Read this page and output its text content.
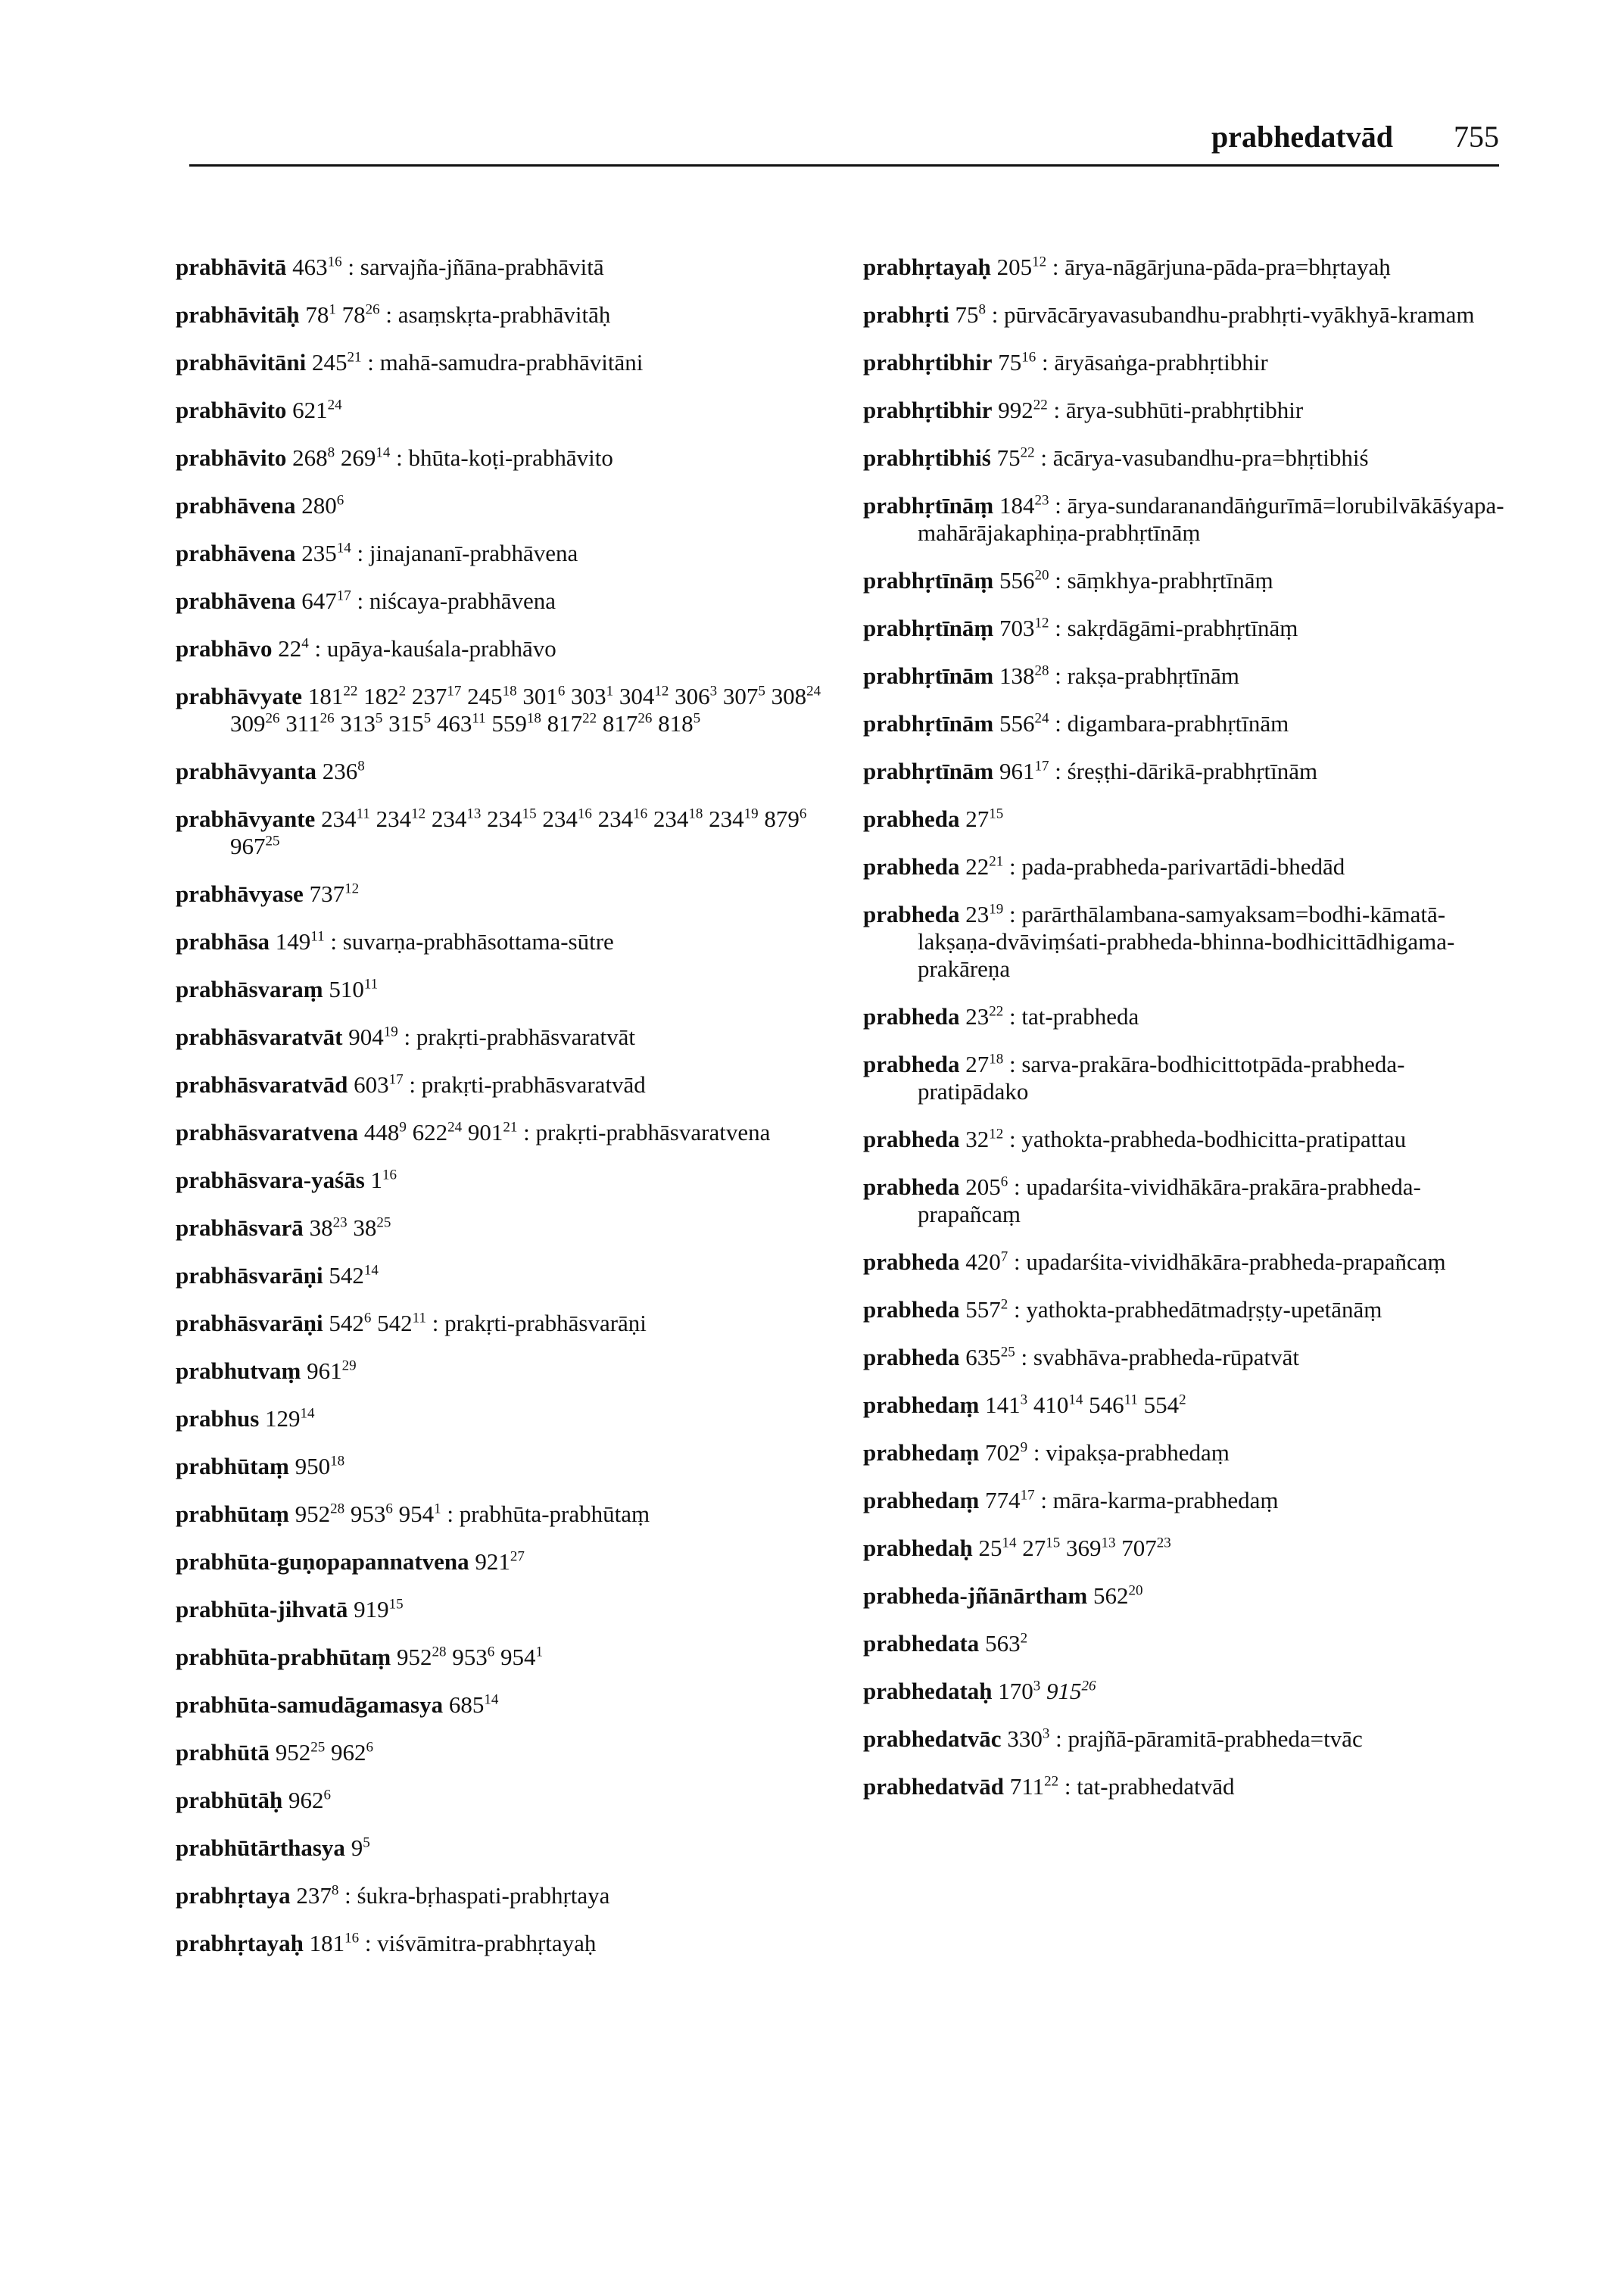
prabhedatvād 755
prabhāvitā $463^{16}$ : sarvajña-jñāna-prabhāvitā
prabhāvitāḥ $78^1$ $78^{26}$ : asaṃskṛta-prabhāvitāḥ
prabhāvitāni $245^{21}$ : mahā-samudra-prabhāvitāni
prabhāvito $621^{24}$
prabhāvito $268^8$ $269^{14}$ : bhūta-koṭi-prabhāvito
prabhāvena $280^6$
prabhāvena $235^{14}$ : jinajananī-prabhāvena
prabhāvena $647^{17}$ : niścaya-prabhāvena
prabhāvo $22^4$ : upāya-kauśala-prabhāvo
prabhāvyate $181^{22}$ $182^2$ $237^{17}$ $245^{18}$ $301^6$ $303^1$ $304^{12}$ $306^3$ $307^5$ $308^{24}$ $309^{26}$ $311^{26}$ $313^5$ $315^5$ $463^{11}$ $559^{18}$ $817^{22}$ $817^{26}$ $818^5$
prabhāvyanta $236^8$
prabhāvyante $234^{11}$ $234^{12}$ $234^{13}$ $234^{15}$ $234^{16}$ $234^{16}$ $234^{18}$ $234^{19}$ $879^6$ $967^{25}$
prabhāvyase $737^{12}$
prabhāsa $149^{11}$ : suvarṇa-prabhāsottama-sūtre
prabhāsvaraṃ $510^{11}$
prabhāsvaratvāt $904^{19}$ : prakṛti-prabhāsvaratvāt
prabhāsvaratvād $603^{17}$ : prakṛti-prabhāsvaratvād
prabhāsvaratvena $448^9$ $622^{24}$ $901^{21}$ : prakṛti-prabhāsvaratvena
prabhāsvara-yaśās $1^{16}$
prabhāsvarā $38^{23}$ $38^{25}$
prabhāsvarāṇi $542^{14}$
prabhāsvarāṇi $542^6$ $542^{11}$ : prakṛti-prabhāsvarāṇi
prabhutvaṃ $961^{29}$
prabhus $129^{14}$
prabhūtaṃ $950^{18}$
prabhūtaṃ $952^{28}$ $953^6$ $954^1$ : prabhūta-prabhūtaṃ
prabhūta-guṇopapannatvena $921^{27}$
prabhūta-jihvatā $919^{15}$
prabhūta-prabhūtaṃ $952^{28}$ $953^6$ $954^1$
prabhūta-samudāgamasya $685^{14}$
prabhūtā $952^{25}$ $962^6$
prabhūtāḥ $962^6$
prabhūtārthasya $9^5$
prabhṛtaya $237^8$ : śukra-bṛhaspati-prabhṛtaya
prabhṛtayaḥ $181^{16}$ : viśvāmitra-prabhṛtayaḥ
prabhṛtayaḥ $205^{12}$ : ārya-nāgārjuna-pāda-pra=bhṛtayaḥ
prabhṛti $75^8$ : pūrvācāryavasubandhu-prabhṛti-vyākhyā-kramam
prabhṛtibhir $75^{16}$ : āryāsaṅga-prabhṛtibhir
prabhṛtibhir $992^{22}$ : ārya-subhūti-prabhṛtibhir
prabhṛtibhiś $75^{22}$ : ācārya-vasubandhu-pra=bhṛtibhiś
prabhṛtīnāṃ $184^{23}$ : ārya-sundaranandāṅgurīmā=lorubilvākāśyapa-mahārājakaphiṇa-prabhṛtīnāṃ
prabhṛtīnāṃ $556^{20}$ : sāṃkhya-prabhṛtīnāṃ
prabhṛtīnāṃ $703^{12}$ : sakṛdāgāmi-prabhṛtīnāṃ
prabhṛtīnām $138^{28}$ : rakṣa-prabhṛtīnām
prabhṛtīnām $556^{24}$ : digambara-prabhṛtīnām
prabhṛtīnām $961^{17}$ : śreṣṭhi-dārikā-prabhṛtīnām
prabheda $27^{15}$
prabheda $22^{21}$ : pada-prabheda-parivartādi-bhedād
prabheda $23^{19}$ : parārthālambana-samyaksam=bodhi-kāmatā-lakṣaṇa-dvāviṃśati-prabheda-bhinna-bodhicittādhigama-prakāreṇa
prabheda $23^{22}$ : tat-prabheda
prabheda $27^{18}$ : sarva-prakāra-bodhicittotpāda-prabheda-pratipādako
prabheda $32^{12}$ : yathokta-prabheda-bodhicitta-pratipattau
prabheda $205^6$ : upadarśita-vividhākāra-prakāra-prabheda-prapañcaṃ
prabheda $420^7$ : upadarśita-vividhākāra-prabheda-prapañcaṃ
prabheda $557^2$ : yathokta-prabhedātmadṛṣṭy-upetānāṃ
prabheda $635^{25}$ : svabhāva-prabheda-rūpatvāt
prabhedaṃ $141^3$ $410^{14}$ $546^{11}$ $554^2$
prabhedaṃ $702^9$ : vipakṣa-prabhedaṃ
prabhedaṃ $774^{17}$ : māra-karma-prabhedaṃ
prabhedaḥ $25^{14}$ $27^{15}$ $369^{13}$ $707^{23}$
prabheda-jñānārtham $562^{20}$
prabhedata $563^2$
prabhedataḥ $170^3$ $915^{26}$
prabhedatvāc $330^3$ : prajñā-pāramitā-prabheda=tvāc
prabhedatvād $711^{22}$ : tat-prabhedatvād
